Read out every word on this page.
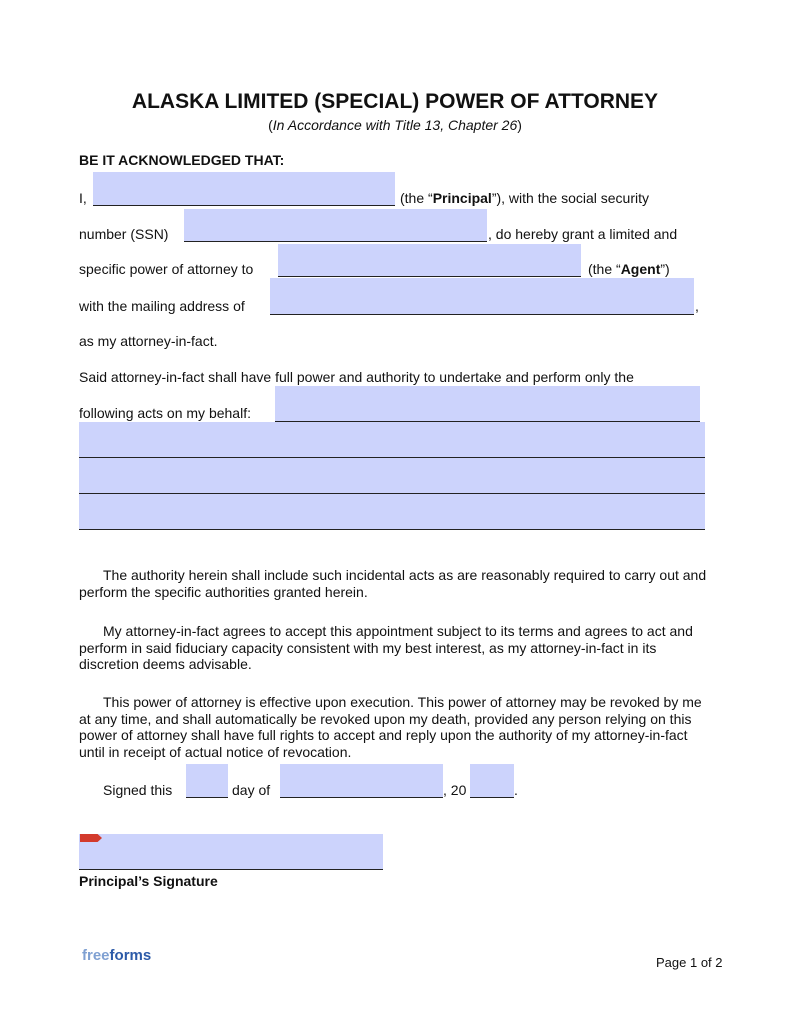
ALASKA LIMITED (SPECIAL) POWER OF ATTORNEY
(In Accordance with Title 13, Chapter 26)
BE IT ACKNOWLEDGED THAT:
I,	(the “Principal”), with the social security
number (SSN)	, do hereby grant a limited and
specific power of attorney to	(the “Agent”)
with the mailing address of	,
as my attorney-in-fact.
Said attorney-in-fact shall have full power and authority to undertake and perform only the
following acts on my behalf:
The authority herein shall include such incidental acts as are reasonably required to carry out and perform the specific authorities granted herein.
My attorney-in-fact agrees to accept this appointment subject to its terms and agrees to act and perform in said fiduciary capacity consistent with my best interest, as my attorney-in-fact in its discretion deems advisable.
This power of attorney is effective upon execution. This power of attorney may be revoked by me at any time, and shall automatically be revoked upon my death, provided any person relying on this power of attorney shall have full rights to accept and reply upon the authority of my attorney-in-fact until in receipt of actual notice of revocation.
Signed this	day of	, 20	.
Principal’s Signature
freeforms	Page 1 of 2
